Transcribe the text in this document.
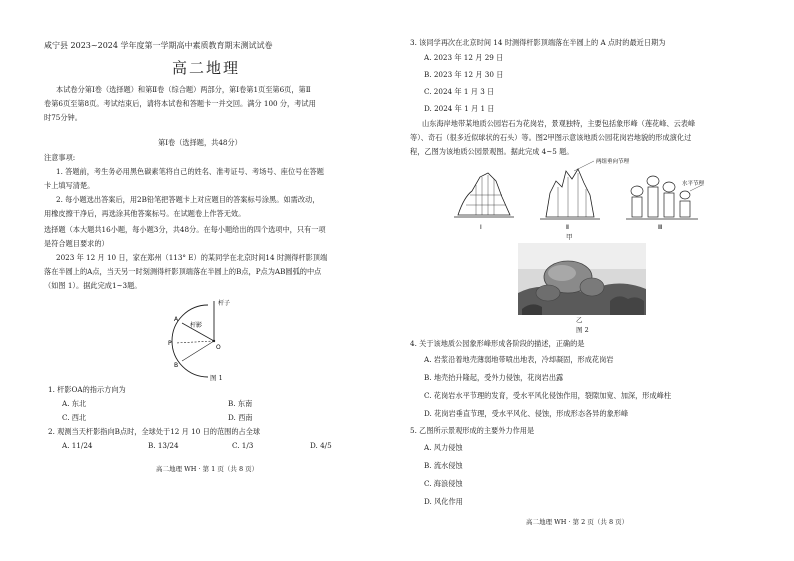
咸宁县 2023~2024 学年度第一学期高中素质教育期末测试试卷
高二地理
本试卷分第Ⅰ卷（选择题）和第Ⅱ卷（综合题）两部分，第Ⅰ卷第1页至第6页，第Ⅱ
卷第6页至第8页。考试结束后，请将本试卷和答题卡一并交回。满分 100 分，考试用
时75分钟。
第Ⅰ卷（选择题，共48分）
注意事项:
1. 答题前，考生务必用黑色碳素笔将自己的姓名、准考证号、考场号、座位号在答题
卡上填写清楚。
2. 每小题选出答案后，用2B铅笔把答题卡上对应题目的答案标号涂黑。如需改动，
用橡皮擦干净后，再选涂其他答案标号。在试题卷上作答无效。
选择题（本大题共16小题，每小题3分，共48分。在每小题给出的四个选项中，只有一项
是符合题目要求的）
2023 年 12 月 10 日，家在郑州（113° E）的某同学在北京时间14 时测得杆影顶端
落在半圆上的A点，当天另一时刻测得杆影顶端落在半圆上的B点，P点为AB圆弧的中点
（如图 1）。据此完成1~3题。
杆子
杆影
A
P
B
O
图 1
1. 杆影OA的指示方向为
A. 东北	B. 东南
C. 西北	D. 西南
2. 观测当天杆影指向B点时，全球处于12 月 10 日的范围的占全球
A. 11/24	B. 13/24	C. 1/3	D. 4/5
高二地理 WH · 第 1 页（共 8 页）
3. 该同学再次在北京时间 14 时测得杆影顶端落在半圆上的 A 点时的最近日期为
A. 2023 年 12 月 29 日
B. 2023 年 12 月 30 日
C. 2024 年 1 月 3 日
D. 2024 年 1 月 1 日
山东海岸地带某地质公园岩石为花岗岩，景观独特，主要包括象形峰（莲花峰、云表峰
等）、奇石（很多近似球状的石头）等。图2甲图示意该地质公园花岗岩地貌的形成演化过
程，乙图为该地质公园景观图。据此完成 4~5 题。
两组垂向节理
水平节理
Ⅰ	Ⅱ	Ⅲ
甲
乙
图 2
4. 关于该地质公园象形峰形成各阶段的描述，正确的是
A. 岩浆沿着地壳薄弱地带喷出地表，冷却凝固，形成花岗岩
B. 地壳抬升隆起，受外力侵蚀，花岗岩出露
C. 花岗岩水平节理的发育，受水平风化侵蚀作用，裂隙加宽、加深，形成峰柱
D. 花岗岩垂直节理，受水平风化、侵蚀，形成形态各异的象形峰
5. 乙图所示景观形成的主要外力作用是
A. 风力侵蚀
B. 流水侵蚀
C. 海浪侵蚀
D. 风化作用
高二地理 WH · 第 2 页（共 8 页）
